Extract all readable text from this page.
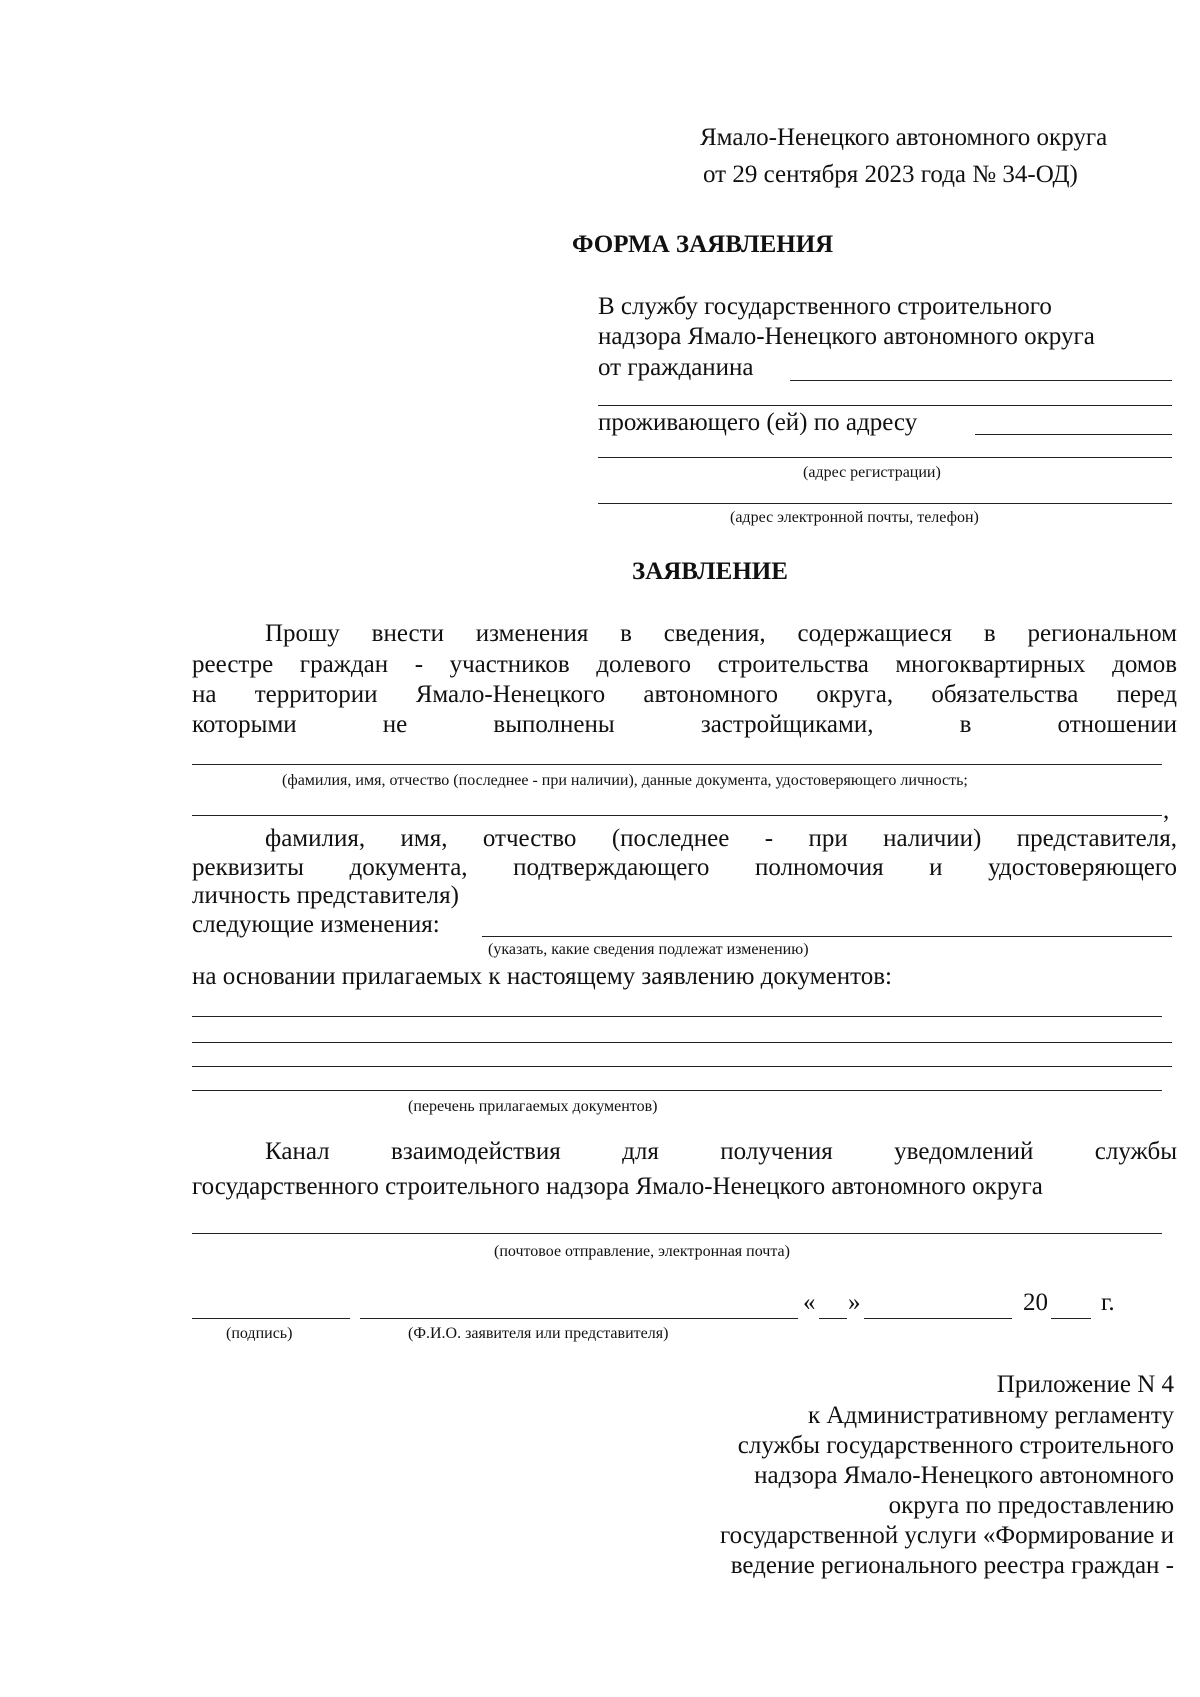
Ямало-Ненецкого автономного округа
от 29 сентября 2023 года № 34-ОД)
ФОРМА ЗАЯВЛЕНИЯ
В службу государственного строительного
надзора Ямало-Ненецкого автономного округа
от гражданина
проживающего (ей) по адресу
(адрес регистрации)
(адрес электронной почты, телефон)
ЗАЯВЛЕНИЕ
Прошу внести изменения в сведения, содержащиеся в региональном
реестре граждан - участников долевого строительства многоквартирных домов
на территории Ямало-Ненецкого автономного округа, обязательства перед
которыми не выполнены застройщиками, в отношении
(фамилия, имя, отчество (последнее - при наличии), данные документа, удостоверяющего личность;
,
фамилия, имя, отчество (последнее - при наличии) представителя,
реквизиты документа, подтверждающего полномочия и удостоверяющего
личность представителя)
следующие изменения:
(указать, какие сведения подлежат изменению)
на основании прилагаемых к настоящему заявлению документов:
(перечень прилагаемых документов)
Канал взаимодействия для получения уведомлений службы
государственного строительного надзора Ямало-Ненецкого автономного округа
(почтовое отправление, электронная почта)
« »	20 г.
(подпись)	(Ф.И.О. заявителя или представителя)
Приложение N 4
к Административному регламенту
службы государственного строительного
надзора Ямало-Ненецкого автономного
округа по предоставлению
государственной услуги «Формирование и
ведение регионального реестра граждан -
